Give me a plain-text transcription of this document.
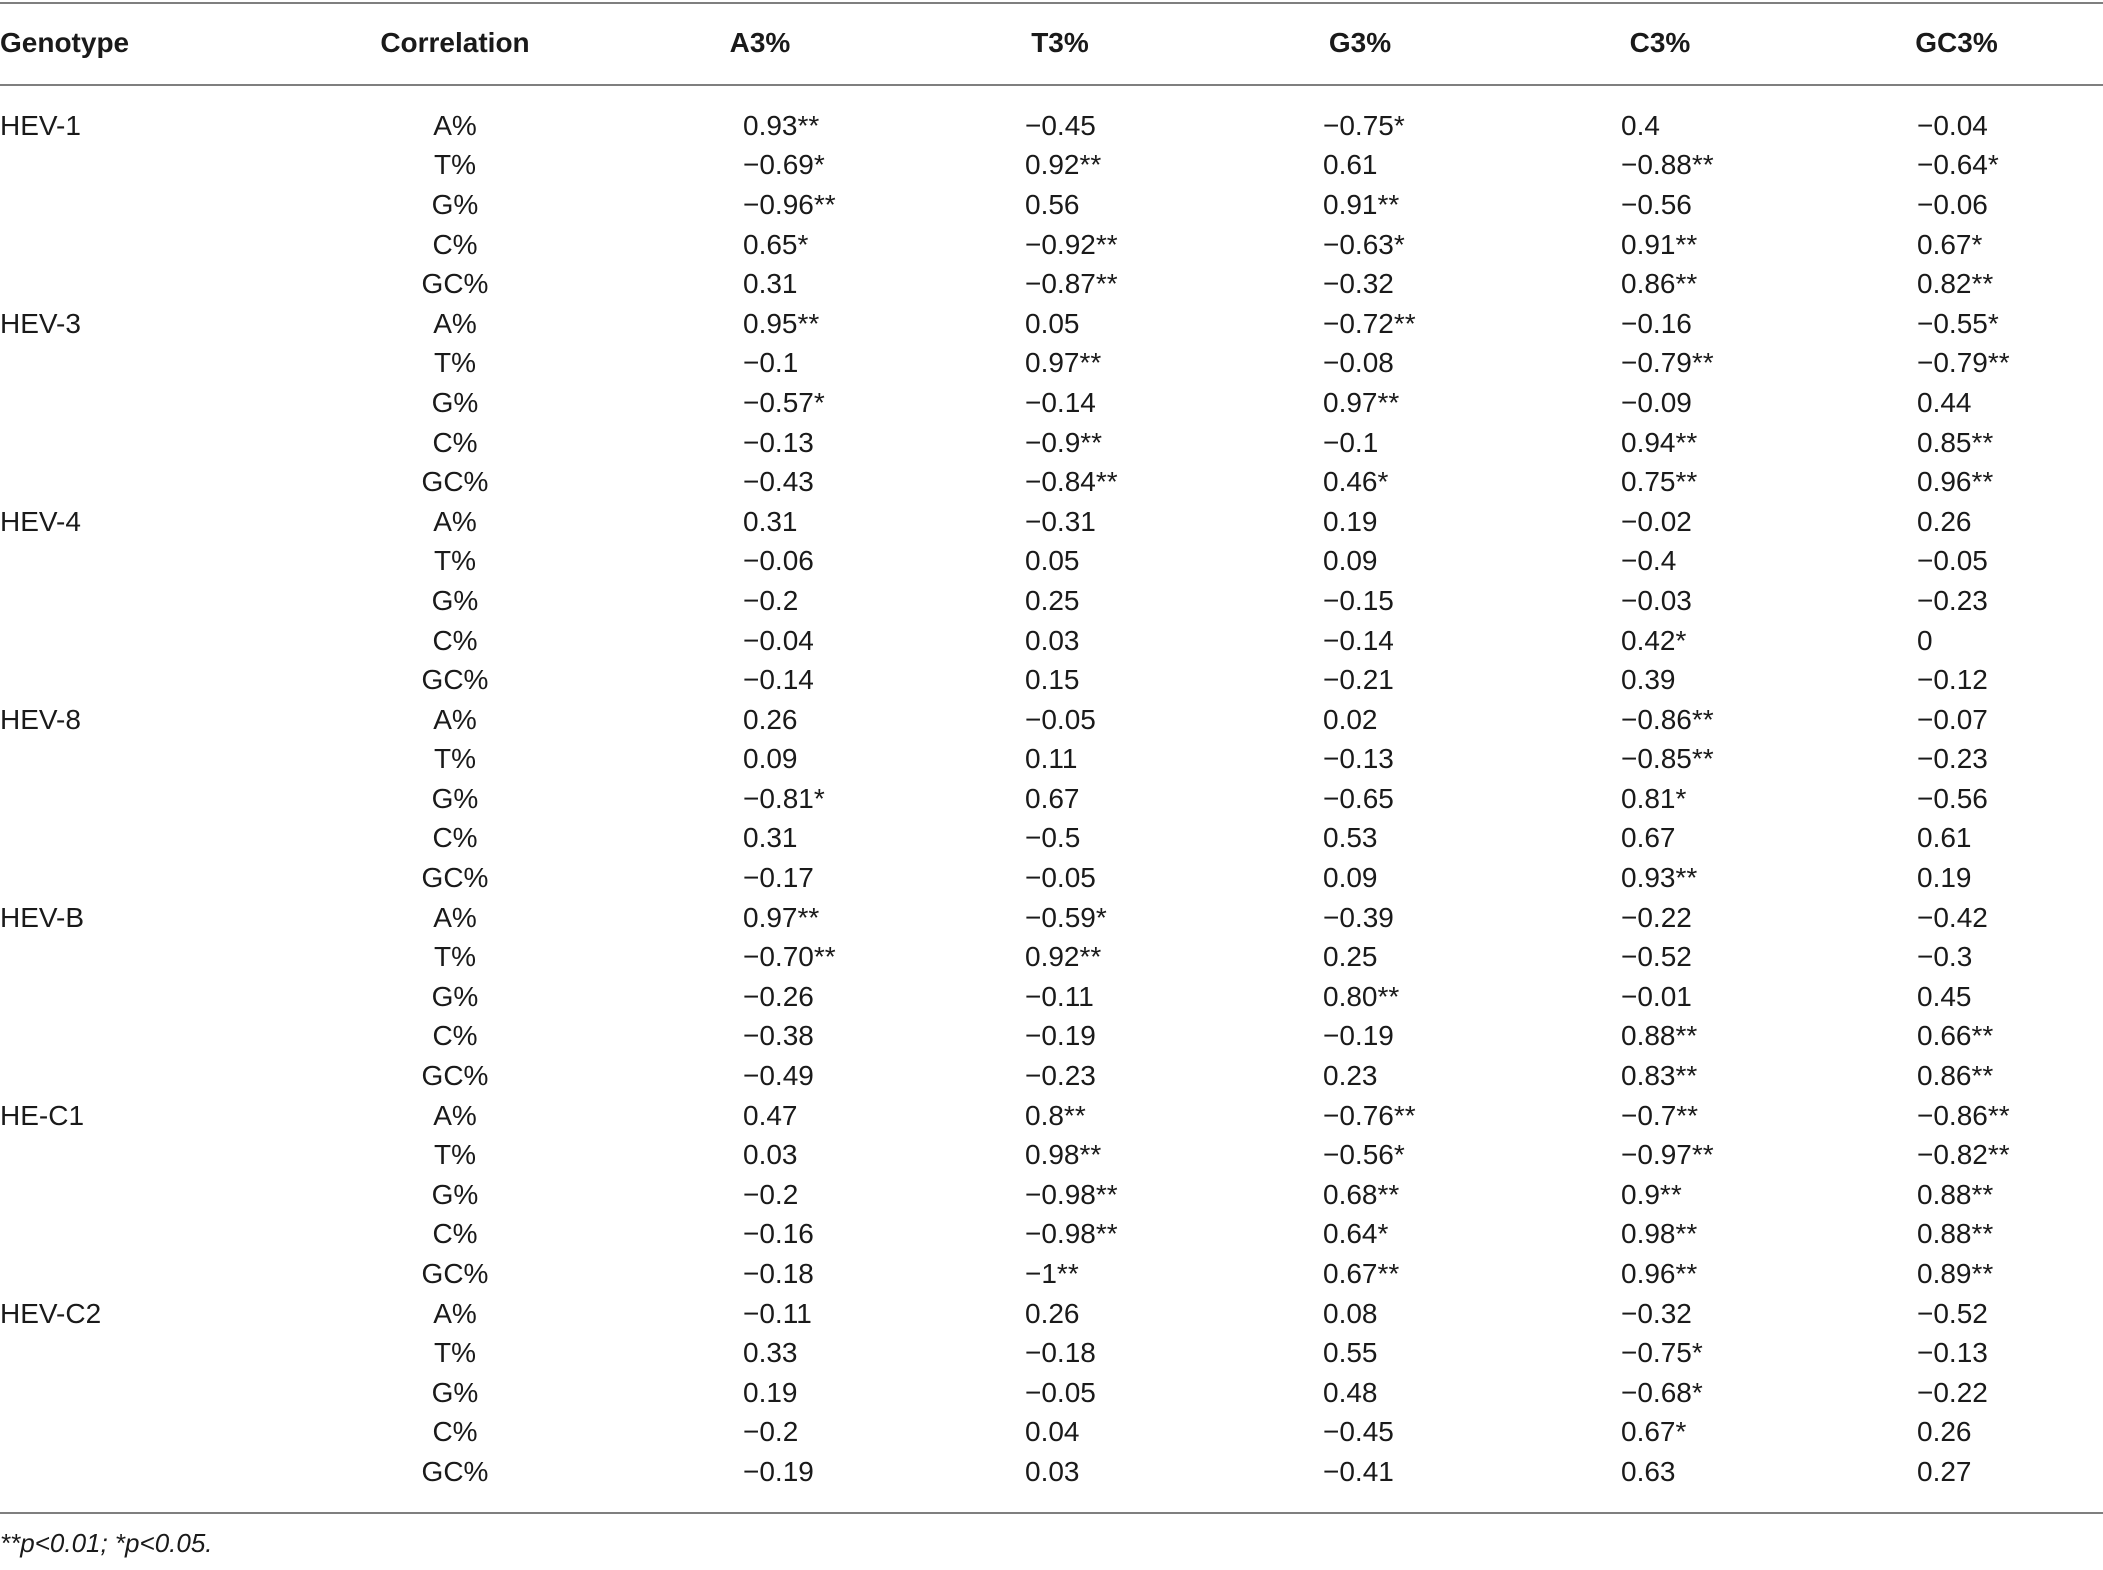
Genotype	Correlation	A3%	T3%	G3%	C3%	GC3%
HEV-1	A%	0.93**	−0.45	−0.75*	0.4	−0.04
	T%	−0.69*	0.92**	0.61	−0.88**	−0.64*
	G%	−0.96**	0.56	0.91**	−0.56	−0.06
	C%	0.65*	−0.92**	−0.63*	0.91**	0.67*
	GC%	0.31	−0.87**	−0.32	0.86**	0.82**
HEV-3	A%	0.95**	0.05	−0.72**	−0.16	−0.55*
	T%	−0.1	0.97**	−0.08	−0.79**	−0.79**
	G%	−0.57*	−0.14	0.97**	−0.09	0.44
	C%	−0.13	−0.9**	−0.1	0.94**	0.85**
	GC%	−0.43	−0.84**	0.46*	0.75**	0.96**
HEV-4	A%	0.31	−0.31	0.19	−0.02	0.26
	T%	−0.06	0.05	0.09	−0.4	−0.05
	G%	−0.2	0.25	−0.15	−0.03	−0.23
	C%	−0.04	0.03	−0.14	0.42*	0
	GC%	−0.14	0.15	−0.21	0.39	−0.12
HEV-8	A%	0.26	−0.05	0.02	−0.86**	−0.07
	T%	0.09	0.11	−0.13	−0.85**	−0.23
	G%	−0.81*	0.67	−0.65	0.81*	−0.56
	C%	0.31	−0.5	0.53	0.67	0.61
	GC%	−0.17	−0.05	0.09	0.93**	0.19
HEV-B	A%	0.97**	−0.59*	−0.39	−0.22	−0.42
	T%	−0.70**	0.92**	0.25	−0.52	−0.3
	G%	−0.26	−0.11	0.80**	−0.01	0.45
	C%	−0.38	−0.19	−0.19	0.88**	0.66**
	GC%	−0.49	−0.23	0.23	0.83**	0.86**
HE-C1	A%	0.47	0.8**	−0.76**	−0.7**	−0.86**
	T%	0.03	0.98**	−0.56*	−0.97**	−0.82**
	G%	−0.2	−0.98**	0.68**	0.9**	0.88**
	C%	−0.16	−0.98**	0.64*	0.98**	0.88**
	GC%	−0.18	−1**	0.67**	0.96**	0.89**
HEV-C2	A%	−0.11	0.26	0.08	−0.32	−0.52
	T%	0.33	−0.18	0.55	−0.75*	−0.13
	G%	0.19	−0.05	0.48	−0.68*	−0.22
	C%	−0.2	0.04	−0.45	0.67*	0.26
	GC%	−0.19	0.03	−0.41	0.63	0.27
**p<0.01; *p<0.05.
